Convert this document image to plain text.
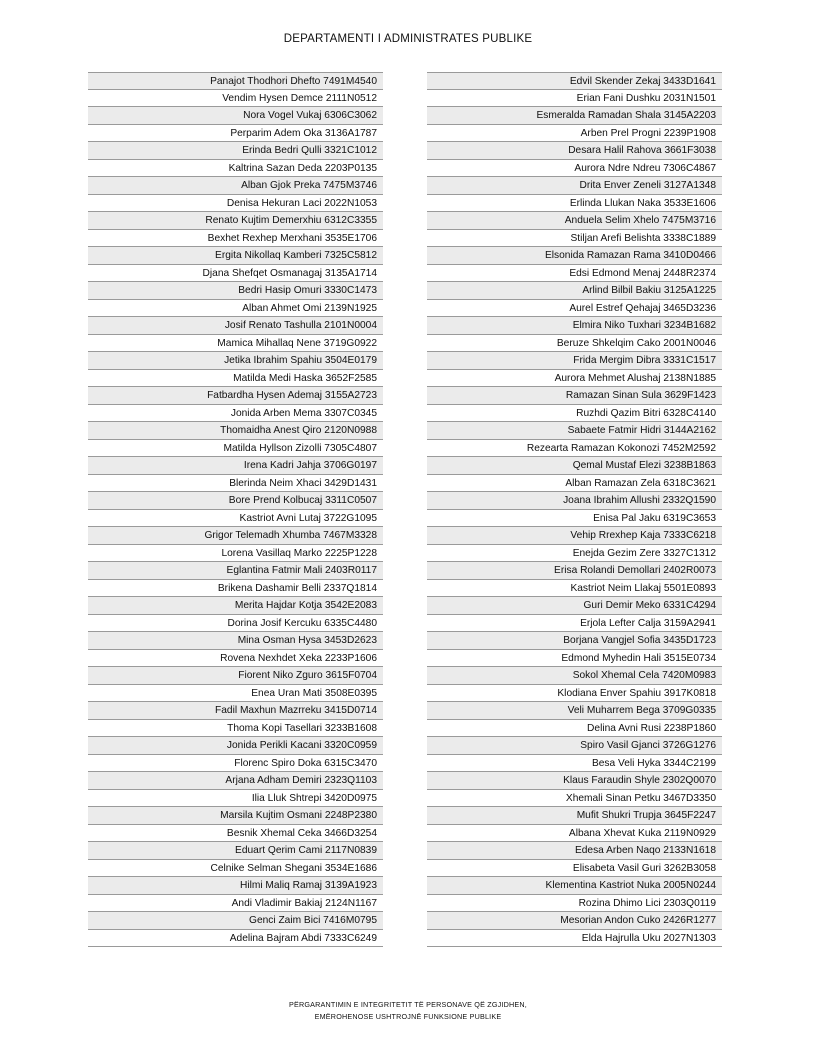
DEPARTAMENTI I ADMINISTRATES PUBLIKE
Panajot Thodhori Dhefto 7491M4540
Vendim Hysen Demce 2111N0512
Nora Vogel Vukaj 6306C3062
Perparim Adem Oka 3136A1787
Erinda Bedri Qulli 3321C1012
Kaltrina Sazan Deda 2203P0135
Alban Gjok Preka 7475M3746
Denisa Hekuran Laci 2022N1053
Renato Kujtim Demerxhiu 6312C3355
Bexhet Rexhep Merxhani 3535E1706
Ergita Nikollaq Kamberi 7325C5812
Djana Shefqet Osmanagaj 3135A1714
Bedri Hasip Omuri 3330C1473
Alban Ahmet Omi 2139N1925
Josif Renato Tashulla 2101N0004
Mamica Mihallaq Nene 3719G0922
Jetika Ibrahim Spahiu 3504E0179
Matilda Medi Haska 3652F2585
Fatbardha Hysen Ademaj 3155A2723
Jonida Arben Mema 3307C0345
Thomaidha Anest Qiro 2120N0988
Matilda Hyllson Zizolli 7305C4807
Irena Kadri Jahja 3706G0197
Blerinda Neim Xhaci 3429D1431
Bore Prend Kolbucaj 3311C0507
Kastriot Avni Lutaj 3722G1095
Grigor Telemadh Xhumba 7467M3328
Lorena Vasillaq Marko 2225P1228
Eglantina Fatmir Mali 2403R0117
Brikena Dashamir Belli 2337Q1814
Merita Hajdar Kotja 3542E2083
Dorina Josif Kercuku 6335C4480
Mina Osman Hysa 3453D2623
Rovena Nexhdet Xeka 2233P1606
Fiorent Niko Zguro 3615F0704
Enea Uran Mati 3508E0395
Fadil Maxhun Mazrreku 3415D0714
Thoma Kopi Tasellari 3233B1608
Jonida Perikli Kacani 3320C0959
Florenc Spiro Doka 6315C3470
Arjana Adham Demiri 2323Q1103
Ilia Lluk Shtrepi 3420D0975
Marsila Kujtim Osmani 2248P2380
Besnik Xhemal Ceka 3466D3254
Eduart Qerim Cami 2117N0839
Celnike Selman Shegani 3534E1686
Hilmi Maliq Ramaj 3139A1923
Andi Vladimir Bakiaj 2124N1167
Genci Zaim Bici 7416M0795
Adelina Bajram Abdi 7333C6249
Edvil Skender Zekaj 3433D1641
Erian Fani Dushku 2031N1501
Esmeralda Ramadan Shala 3145A2203
Arben Prel Progni 2239P1908
Desara Halil Rahova 3661F3038
Aurora Ndre Ndreu 7306C4867
Drita Enver Zeneli 3127A1348
Erlinda Llukan Naka 3533E1606
Anduela Selim Xhelo 7475M3716
Stiljan Arefi Belishta 3338C1889
Elsonida Ramazan Rama 3410D0466
Edsi Edmond Menaj 2448R2374
Arlind Bilbil Bakiu 3125A1225
Aurel Estref Qehajaj 3465D3236
Elmira Niko Tuxhari 3234B1682
Beruze Shkelqim Cako 2001N0046
Frida Mergim Dibra 3331C1517
Aurora Mehmet Alushaj 2138N1885
Ramazan Sinan Sula 3629F1423
Ruzhdi Qazim Bitri 6328C4140
Sabaete Fatmir Hidri 3144A2162
Rezearta Ramazan Kokonozi 7452M2592
Qemal Mustaf Elezi 3238B1863
Alban Ramazan Zela 6318C3621
Joana Ibrahim Allushi 2332Q1590
Enisa Pal Jaku 6319C3653
Vehip Rrexhep Kaja 7333C6218
Enejda Gezim Zere 3327C1312
Erisa Rolandi Demollari 2402R0073
Kastriot Neim Llakaj 5501E0893
Guri Demir Meko 6331C4294
Erjola Lefter Calja 3159A2941
Borjana Vangjel Sofia 3435D1723
Edmond Myhedin Hali 3515E0734
Sokol Xhemal Cela 7420M0983
Klodiana Enver Spahiu 3917K0818
Veli Muharrem Bega 3709G0335
Delina Avni Rusi 2238P1860
Spiro Vasil Gjanci 3726G1276
Besa Veli Hyka 3344C2199
Klaus Faraudin Shyle 2302Q0070
Xhemali Sinan Petku 3467D3350
Mufit Shukri Trupja 3645F2247
Albana Xhevat Kuka 2119N0929
Edesa Arben Naqo 2133N1618
Elisabeta Vasil Guri 3262B3058
Klementina Kastriot Nuka 2005N0244
Rozina Dhimo Lici 2303Q0119
Mesorian Andon Cuko 2426R1277
Elda Hajrulla Uku 2027N1303
PËRGARANTIMIN E INTEGRITETIT TË PERSONAVE QË ZGJIDHEN,
EMËROHENOSE USHTROJNË FUNKSIONE PUBLIKE
